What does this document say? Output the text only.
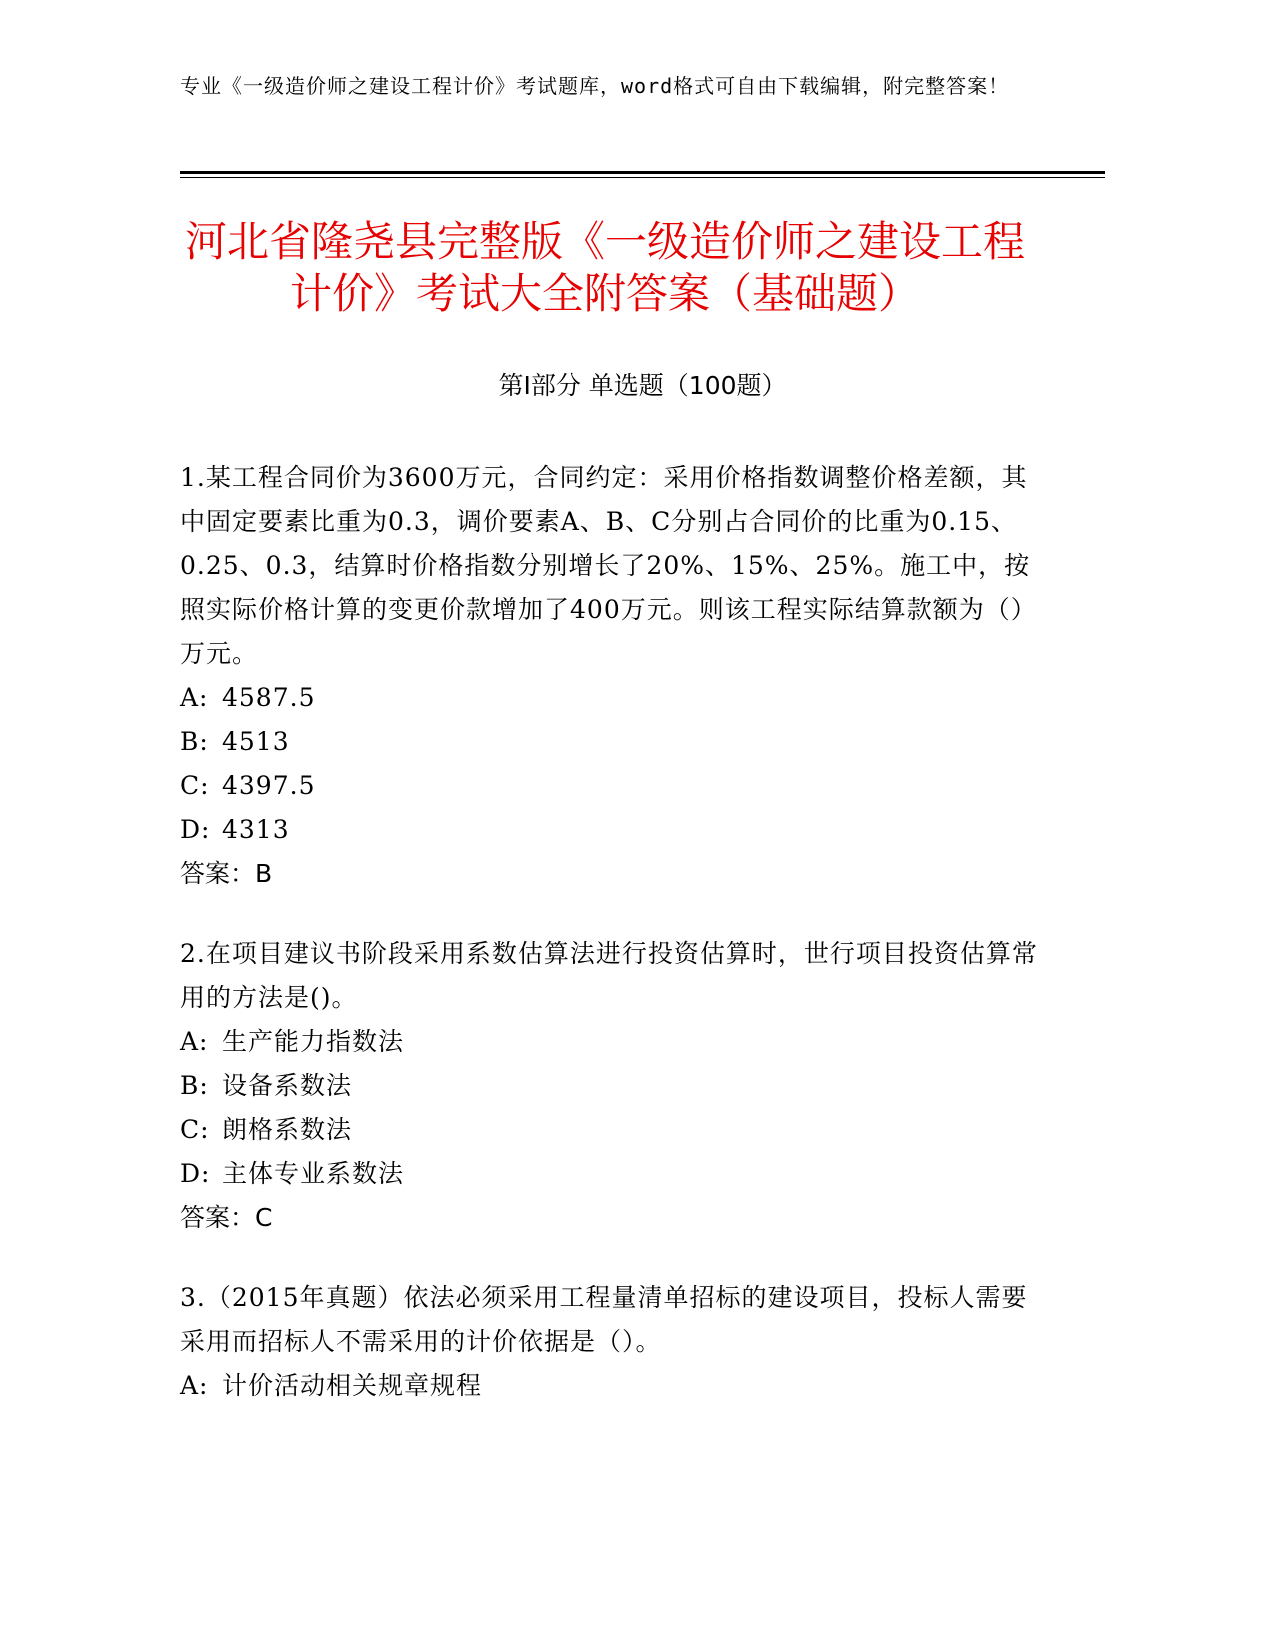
专业《一级造价师之建设工程计价》考试题库，word格式可自由下载编辑，附完整答案！
河北省隆尧县完整版《一级造价师之建设工程计价》考试大全附答案（基础题）
第Ⅰ部分 单选题（100题）
1.某工程合同价为3600万元，合同约定：采用价格指数调整价格差额，其中固定要素比重为0.3，调价要素A、B、C分别占合同价的比重为0.15、0.25、0.3，结算时价格指数分别增长了20%、15%、25%。施工中，按照实际价格计算的变更价款增加了400万元。则该工程实际结算款额为（）万元。
A: 4587.5
B: 4513
C: 4397.5
D: 4313
答案：B
2.在项目建议书阶段采用系数估算法进行投资估算时，世行项目投资估算常用的方法是()。
A: 生产能力指数法
B: 设备系数法
C: 朗格系数法
D: 主体专业系数法
答案：C
3.（2015年真题）依法必须采用工程量清单招标的建设项目，投标人需要采用而招标人不需采用的计价依据是（）。
A: 计价活动相关规章规程
